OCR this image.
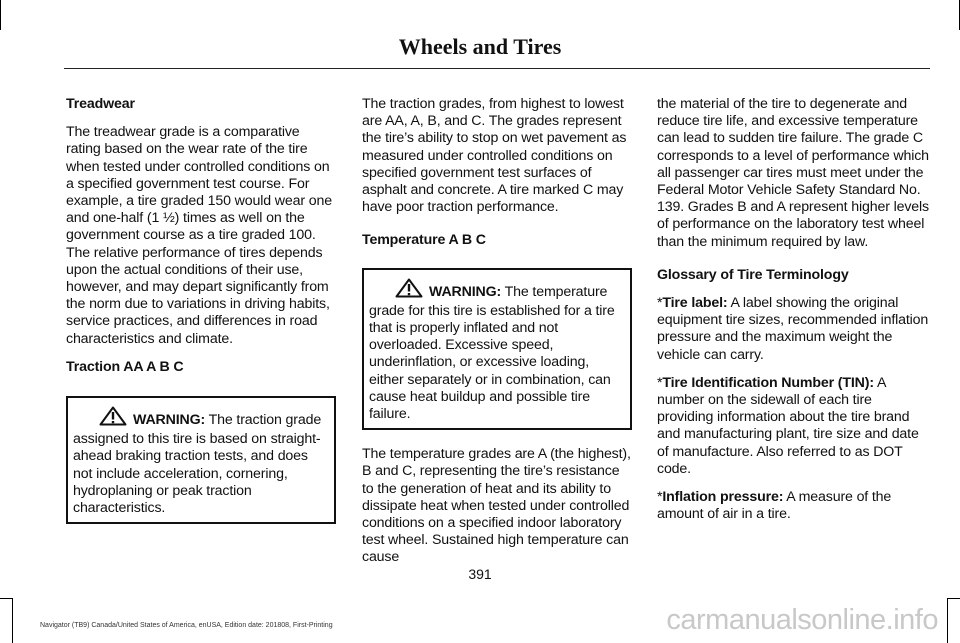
Wheels and Tires
Treadwear

The treadwear grade is a comparative rating based on the wear rate of the tire when tested under controlled conditions on a specified government test course. For example, a tire graded 150 would wear one and one-half (1 ½) times as well on the government course as a tire graded 100. The relative performance of tires depends upon the actual conditions of their use, however, and may depart significantly from the norm due to variations in driving habits, service practices, and differences in road characteristics and climate.

Traction AA A B C
WARNING: The traction grade assigned to this tire is based on straight-ahead braking traction tests, and does not include acceleration, cornering, hydroplaning or peak traction characteristics.

The traction grades, from highest to lowest are AA, A, B, and C. The grades represent the tire’s ability to stop on wet pavement as measured under controlled conditions on specified government test surfaces of asphalt and concrete. A tire marked C may have poor traction performance.

Temperature A B C
WARNING: The temperature grade for this tire is established for a tire that is properly inflated and not overloaded. Excessive speed, underinflation, or excessive loading, either separately or in combination, can cause heat buildup and possible tire failure.

The temperature grades are A (the highest), B and C, representing the tire’s resistance to the generation of heat and its ability to dissipate heat when tested under controlled conditions on a specified indoor laboratory test wheel. Sustained high temperature can cause

the material of the tire to degenerate and reduce tire life, and excessive temperature can lead to sudden tire failure. The grade C corresponds to a level of performance which all passenger car tires must meet under the Federal Motor Vehicle Safety Standard No. 139. Grades B and A represent higher levels of performance on the laboratory test wheel than the minimum required by law.

Glossary of Tire Terminology

*Tire label: A label showing the original equipment tire sizes, recommended inflation pressure and the maximum weight the vehicle can carry.

*Tire Identification Number (TIN): A number on the sidewall of each tire providing information about the tire brand and manufacturing plant, tire size and date of manufacture. Also referred to as DOT code.

*Inflation pressure: A measure of the amount of air in a tire.

391
Navigator (TB9) Canada/United States of America, enUSA, Edition date: 201808, First-Printing	carmanualsonline.info
